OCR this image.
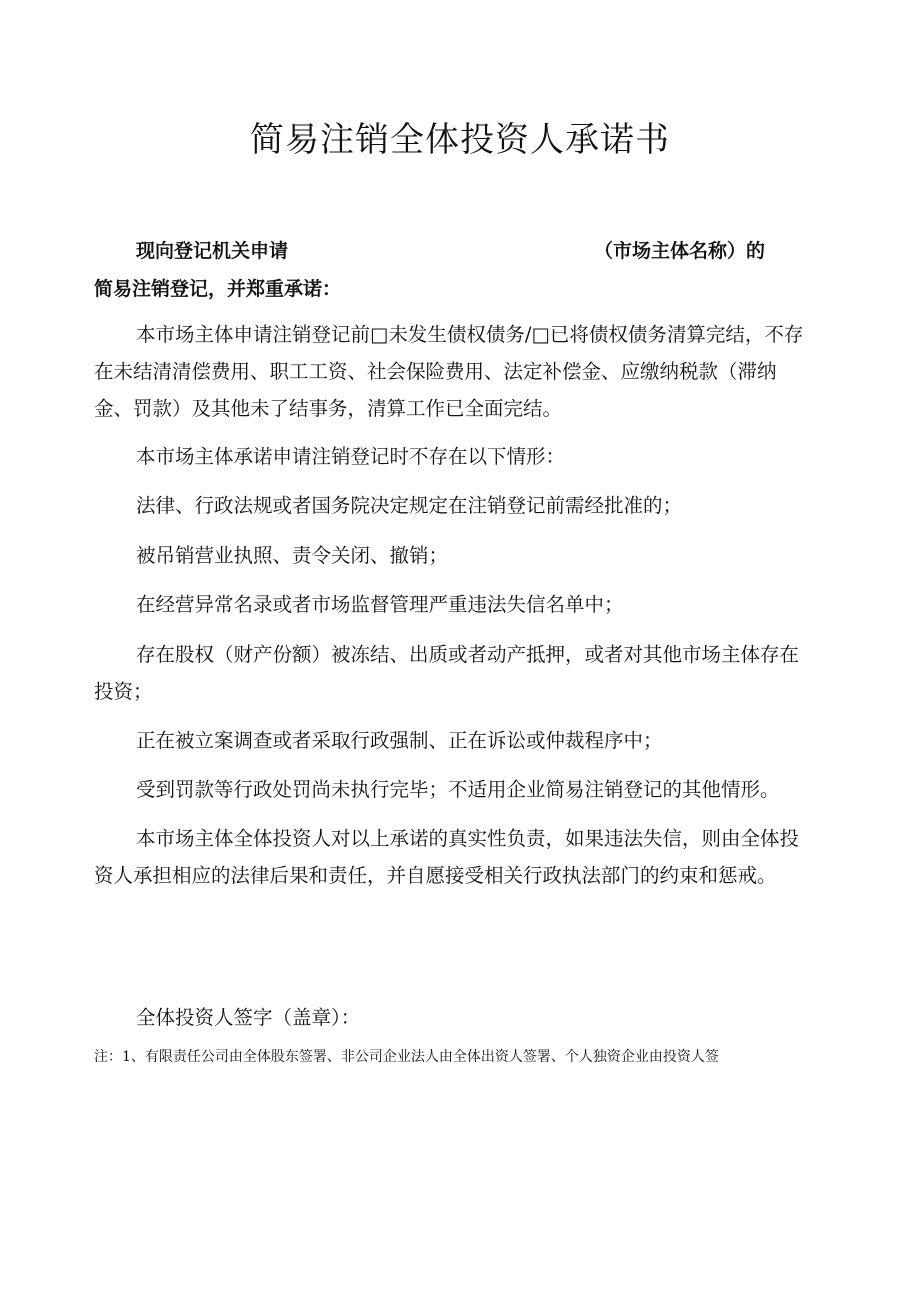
简易注销全体投资人承诺书
现向登记机关申请	（市场主体名称）的
简易注销登记，并郑重承诺：

本市场主体申请注销登记前□未发生债权债务/□已将债权债务清算完结，不存在未结清清偿费用、职工工资、社会保险费用、法定补偿金、应缴纳税款（滞纳金、罚款）及其他未了结事务，清算工作已全面完结。

本市场主体承诺申请注销登记时不存在以下情形：

法律、行政法规或者国务院决定规定在注销登记前需经批准的；

被吊销营业执照、责令关闭、撤销；

在经营异常名录或者市场监督管理严重违法失信名单中；

存在股权（财产份额）被冻结、出质或者动产抵押，或者对其他市场主体存在投资；

正在被立案调查或者采取行政强制、正在诉讼或仲裁程序中；

受到罚款等行政处罚尚未执行完毕；不适用企业简易注销登记的其他情形。

本市场主体全体投资人对以上承诺的真实性负责，如果违法失信，则由全体投资人承担相应的法律后果和责任，并自愿接受相关行政执法部门的约束和惩戒。

全体投资人签字（盖章）：

注：1、有限责任公司由全体股东签署、非公司企业法人由全体出资人签署、个人独资企业由投资人签
